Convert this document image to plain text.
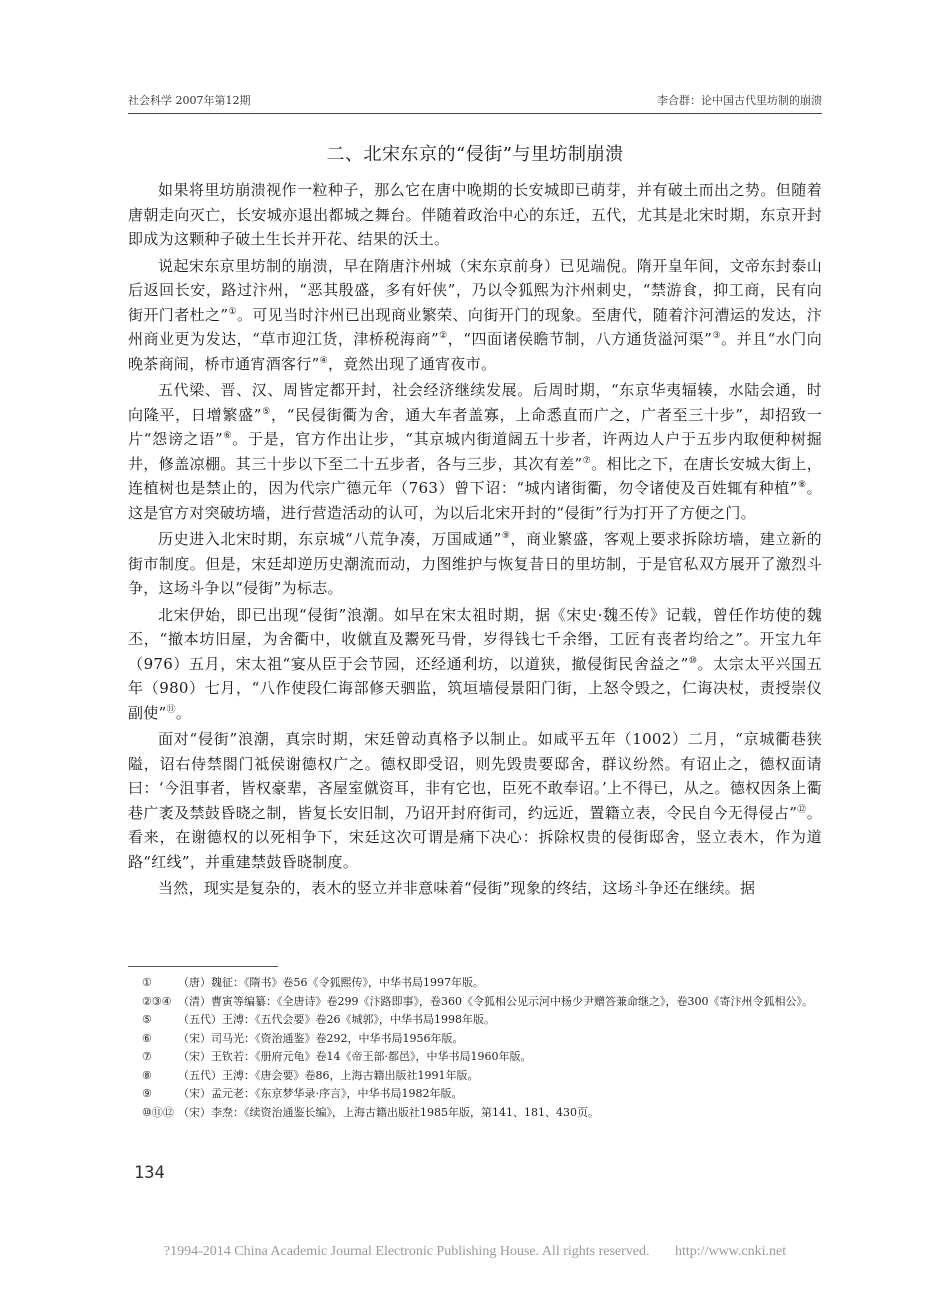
社会科学 2007年第12期	李合群：论中国古代里坊制的崩溃
二、北宋东京的“侵街”与里坊制崩溃

如果将里坊崩溃视作一粒种子，那么它在唐中晚期的长安城即已萌芽，并有破土而出之势。但随着唐朝走向灭亡，长安城亦退出都城之舞台。伴随着政治中心的东迁，五代，尤其是北宋时期，东京开封即成为这颗种子破土生长并开花、结果的沃土。

说起宋东京里坊制的崩溃，早在隋唐汴州城（宋东京前身）已见端倪。隋开皇年间，文帝东封泰山后返回长安，路过汴州，“恶其殷盛，多有奸侠”，乃以令狐熙为汴州刺史，“禁游食，抑工商，民有向街开门者杜之”①。可见当时汴州已出现商业繁荣、向街开门的现象。至唐代，随着汴河漕运的发达，汴州商业更为发达，“草市迎江货，津桥税海商”②，“四面诸侯瞻节制，八方通货溢河渠”③。并且“水门向晚茶商闹，桥市通宵酒客行”④，竟然出现了通宵夜市。

五代梁、晋、汉、周皆定都开封，社会经济继续发展。后周时期，“东京华夷辐辏，水陆会通，时向隆平，日增繁盛”⑤，“民侵街衢为舍，通大车者盖寡，上命悉直而广之，广者至三十步”，却招致一片“怨谤之语”⑥。于是，官方作出让步，“其京城内街道阔五十步者，许两边人户于五步内取便种树掘井，修盖凉棚。其三十步以下至二十五步者，各与三步，其次有差”⑦。相比之下，在唐长安城大街上，连植树也是禁止的，因为代宗广德元年（763）曾下诏：“城内诸街衢，勿令诸使及百姓辄有种植”⑧。这是官方对突破坊墙，进行营造活动的认可，为以后北宋开封的“侵街”行为打开了方便之门。

历史进入北宋时期，东京城“八荒争凑，万国咸通”⑨，商业繁盛，客观上要求拆除坊墙，建立新的街市制度。但是，宋廷却逆历史潮流而动，力图维护与恢复昔日的里坊制，于是官私双方展开了激烈斗争，这场斗争以“侵街”为标志。

北宋伊始，即已出现“侵街”浪潮。如早在宋太祖时期，据《宋史·魏丕传》记载，曾任作坊使的魏丕，“撤本坊旧屋，为舍衢中，收僦直及鬻死马骨，岁得钱七千余缗，工匠有丧者均给之”。开宝九年（976）五月，宋太祖“宴从臣于会节园，还经通利坊，以道狭，撤侵街民舍益之”⑩。太宗太平兴国五年（980）七月，“八作使段仁诲部修天驷监，筑垣墙侵景阳门街，上怒令毁之，仁诲决杖，责授崇仪副使”⑪。

面对“侵街”浪潮，真宗时期，宋廷曾动真格予以制止。如咸平五年（1002）二月，“京城衢巷狭隘，诏右侍禁閤门祗侯谢德权广之。德权即受诏，则先毁贵要邸舍，群议纷然。有诏止之，德权面请曰：‘今沮事者，皆权豪辈，吝屋室僦资耳，非有它也，臣死不敢奉诏。’上不得已，从之。德权因条上衢巷广袤及禁鼓昏晓之制，皆复长安旧制，乃诏开封府街司，约远近，置籍立表，令民自今无得侵占”⑫。看来，在谢德权的以死相争下，宋廷这次可谓是痛下决心：拆除权贵的侵街邸舍，竖立表木，作为道路“红线”，并重建禁鼓昏晓制度。

当然，现实是复杂的，表木的竖立并非意味着“侵街”现象的终结，这场斗争还在继续。据

①	（唐）魏征：《隋书》卷56《令狐熙传》，中华书局1997年版。
②③④ （清）曹寅等编纂：《全唐诗》卷299《汴路即事》，卷360《令狐相公见示河中杨少尹赠答兼命继之》，卷300《寄汴州令狐相公》。
⑤	（五代）王溥：《五代会要》卷26《城郭》，中华书局1998年版。
⑥	（宋）司马光：《资治通鉴》卷292，中华书局1956年版。
⑦	（宋）王钦若：《册府元龟》卷14《帝王部·都邑》，中华书局1960年版。
⑧	（五代）王溥：《唐会要》卷86，上海古籍出版社1991年版。
⑨	（宋）孟元老：《东京梦华录·序言》，中华书局1982年版。
⑩⑪⑫ （宋）李焘：《续资治通鉴长编》，上海古籍出版社1985年版，第141、181、430页。
134
?1994-2014 China Academic Journal Electronic Publishing House. All rights reserved. http://www.cnki.net
